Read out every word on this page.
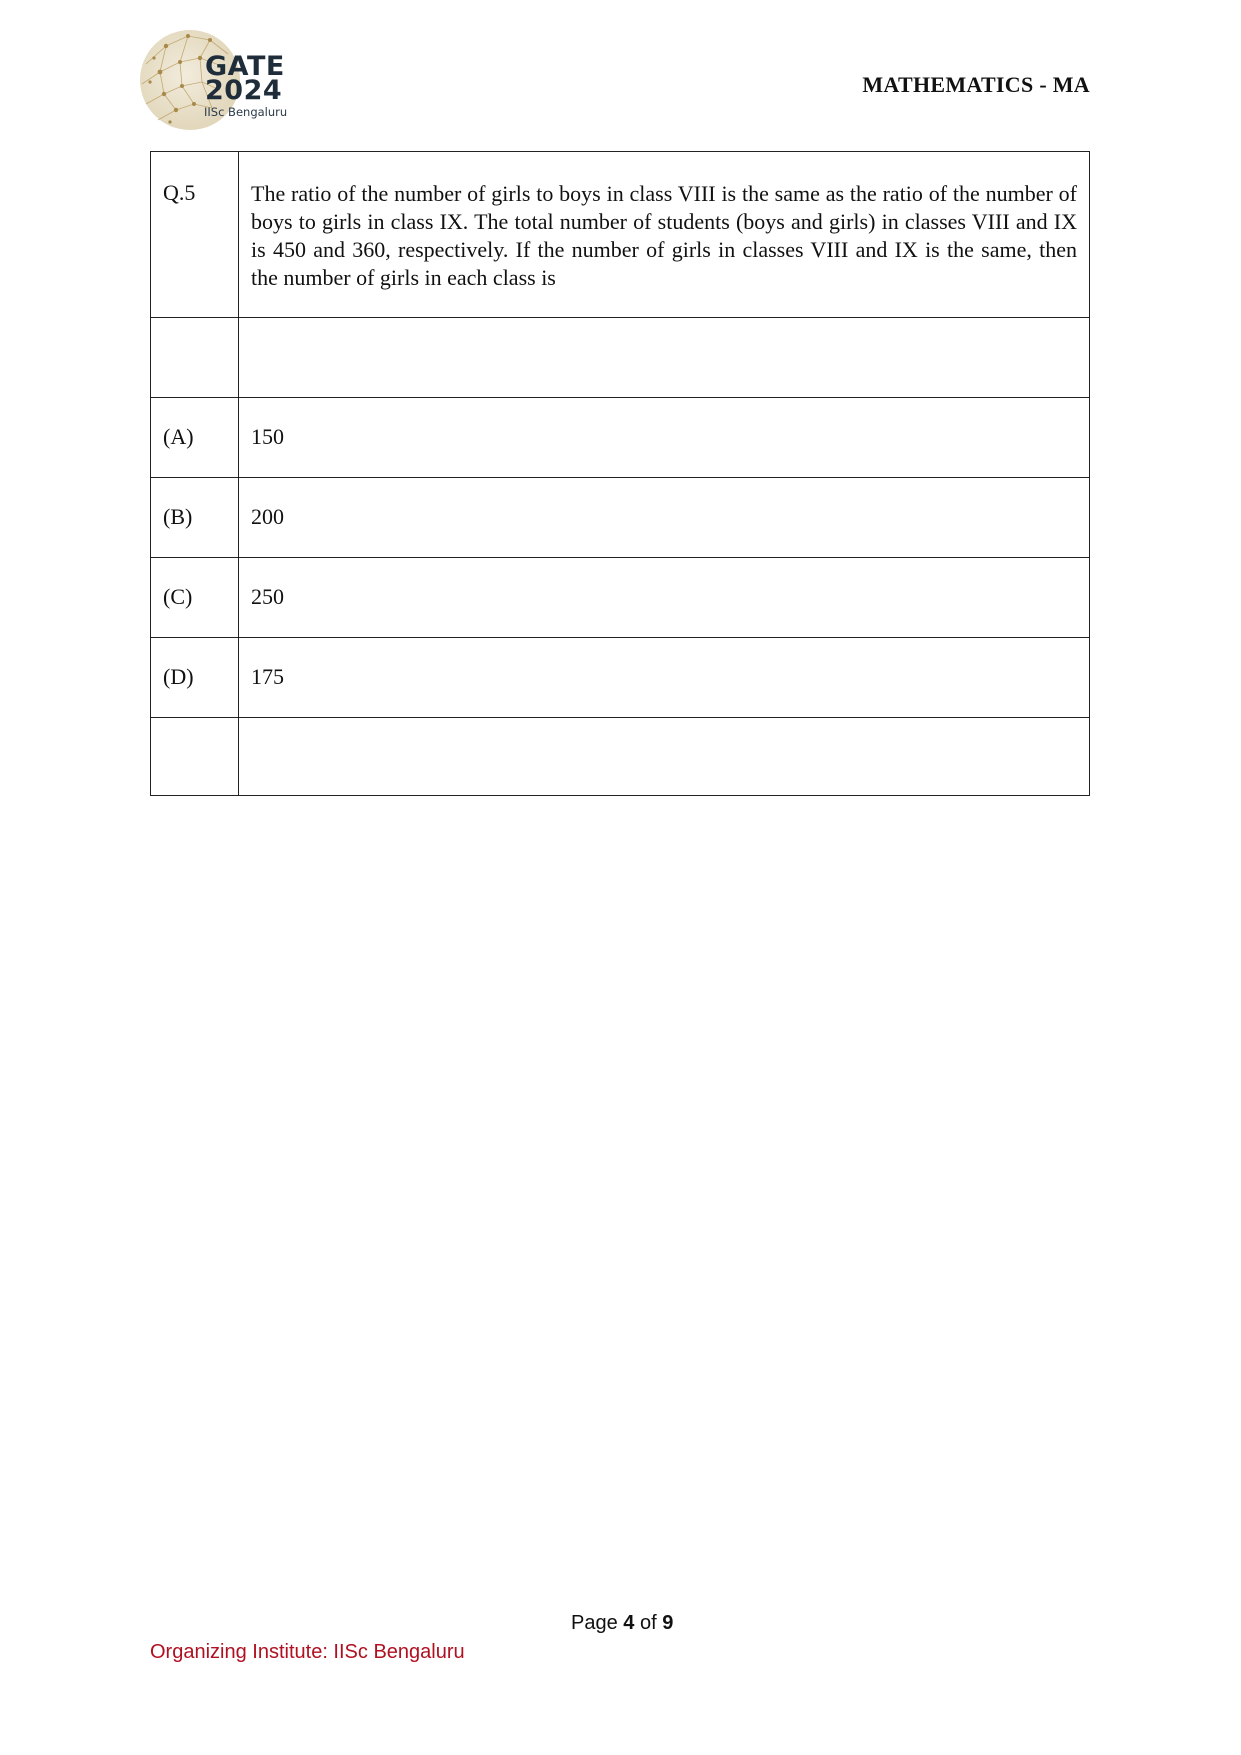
GATE
2024
IISc Bengaluru
MATHEMATICS - MA
Q.5	The ratio of the number of girls to boys in class VIII is the same as the ratio of the number of boys to girls in class IX. The total number of students (boys and girls) in classes VIII and IX is 450 and 360, respectively. If the number of girls in classes VIII and IX is the same, then the number of girls in each class is

(A)	150
(B)	200
(C)	250
(D)	175

Page 4 of 9
Organizing Institute: IISc Bengaluru
